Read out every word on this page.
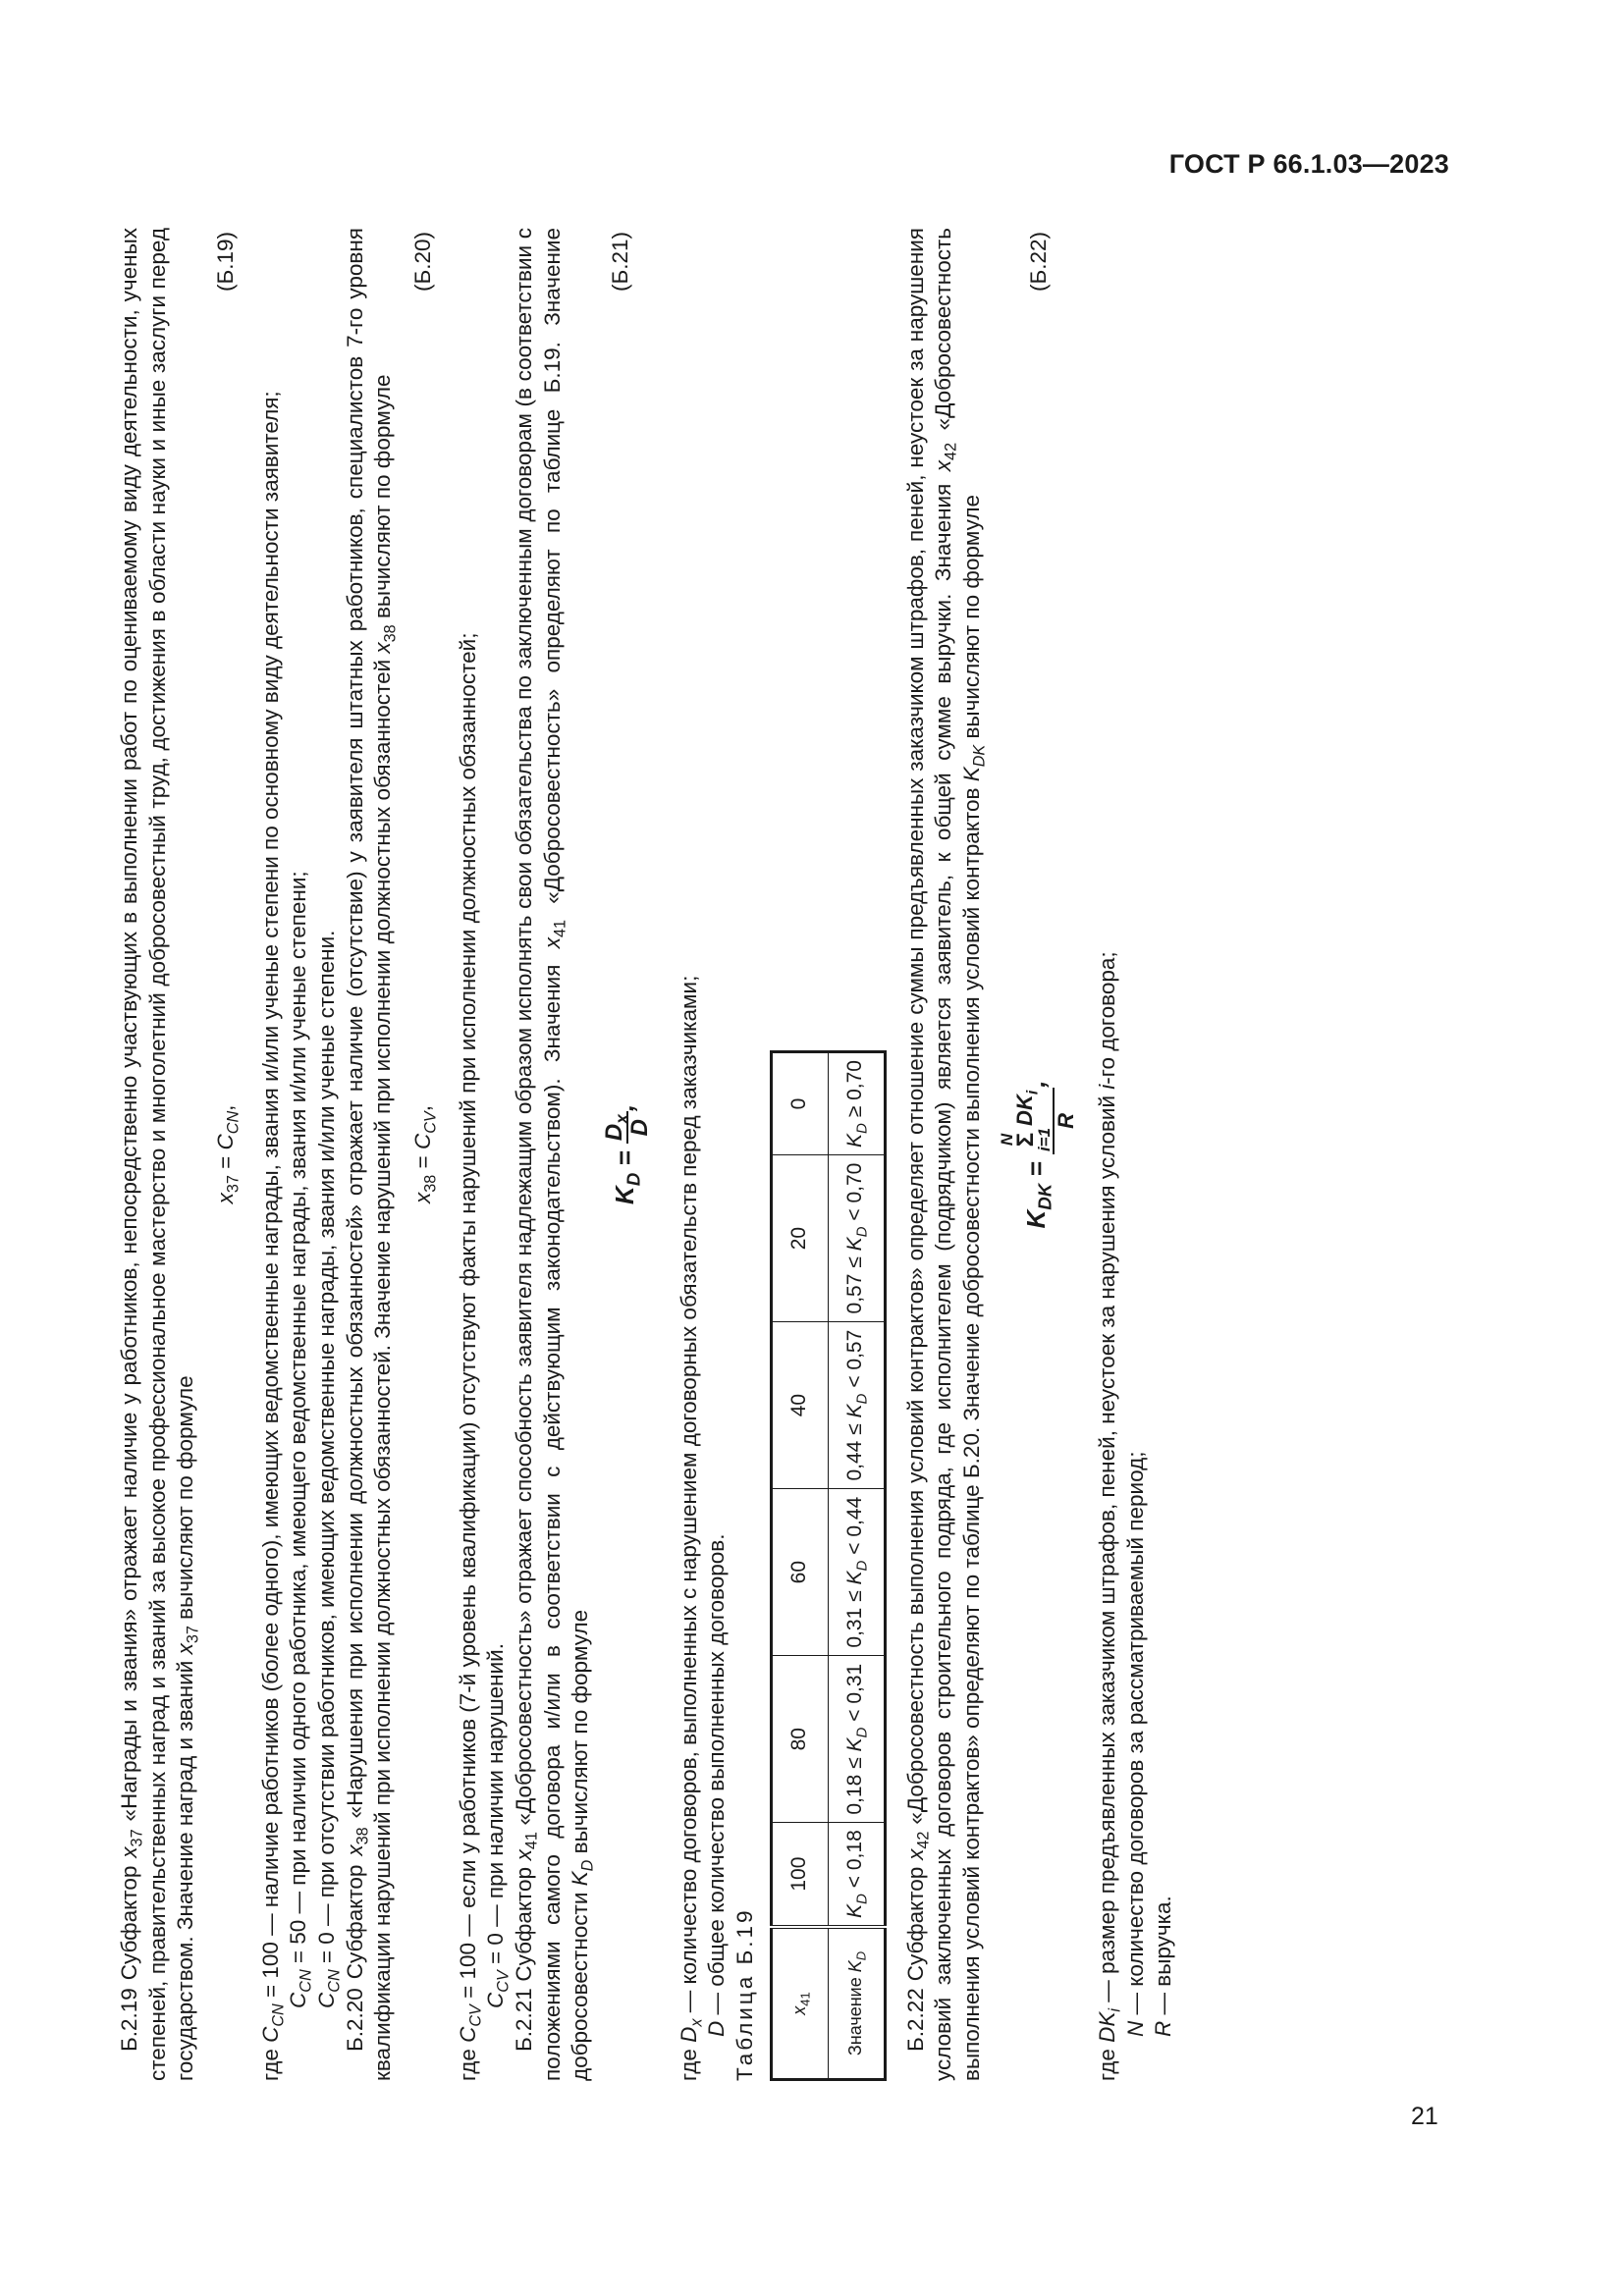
ГОСТ Р 66.1.03—2023

Б.2.19 Субфактор $x_{37}$ «Награды и звания» отражает наличие у работников, непосредственно участвующих в выполнении работ по оцениваемому виду деятельности, ученых степеней, правительственных наград и званий за высокое профессиональное мастерство и многолетний добросовестный труд, достижения в области науки и иные заслуги перед государством. Значение наград и званий $x_{37}$ вычисляют по формуле

$x_{37} = C_{CN}$,
(Б.19)

где $C_{CN} = 100$ — наличие работников (более одного), имеющих ведомственные награды, звания и/или ученые степени по основному виду деятельности заявителя; $C_{CN} = 50$ — при наличии одного работника, имеющего ведомственные награды, звания и/или ученые степени;

$C_{CN} = 0$ — при отсутствии работников, имеющих ведомственные награды, звания и/или ученые степени. Б.2.20 Субфактор $x_{38}$ «Нарушения при исполнении должностных обязанностей» отражает наличие (отсутствие) у заявителя штатных работников, специалистов 7-го уровня квалификации нарушений при исполнении должностных обязанностей. Значение нарушений при исполнении должностных обязанностей $x_{38}$ вычисляют по формуле

$x_{38} = C_{CV}$,
(Б.20)

где $C_{CV} = 100$ — если у работников (7-й уровень квалификации) отсутствуют факты нарушений при исполнении должностных обязанностей; $C_{CV} = 0$ — при наличии нарушений. Б.2.21 Субфактор $x_{41}$ «Добросовестность» отражает способность заявителя надлежащим образом исполнять свои обязательства по заключенным договорам (в соответствии с положениями самого договора и/или в соответствии с действующим законодательством). Значения $x_{41}$ «Добросовестность» определяют по таблице Б.19. Значение добросовестности $K_D$ вычисляют по формуле

$K_D$ =
$D_x$
D
,
(Б.21)

где $D_x$ — количество договоров, выполненных с нарушением договорных обязательств перед заказчиками;

D — общее количество выполненных договоров. Таблица Б.19 $x_{41}$	100	80	60	40	20	0
Значение $K_D$	$K_D < 0,18$	$0,18 \le K_D < 0,31$	$0,31 \le K_D < 0,44$	$0,44 \le K_D < 0,57$	$0,57 \le K_D < 0,70$	$K_D \ge 0,70$

Б.2.22 Субфактор $x_{42}$ «Добросовестность выполнения условий контрактов» определяет отношение суммы предъявленных заказчиком штрафов, пеней, неустоек за нарушения условий заключенных договоров строительного подряда, где исполнителем (подрядчиком) является заявитель, к общей сумме выручки. Значения $x_{42}$ «Добросовестность выполнения условий контрактов» определяют по таблице Б.20. Значение добросовестности выполнения условий контрактов $K_{DK}$ вычисляют по формуле

$K_{DK}$ =
N
Σ
i=1
$DK_i$
R
,
(Б.22)

где $DK_i$ — размер предъявленных заказчиком штрафов, пеней, неустоек за нарушения условий i-го договора;

N — количество договоров за рассматриваемый период;

R — выручка.

21
